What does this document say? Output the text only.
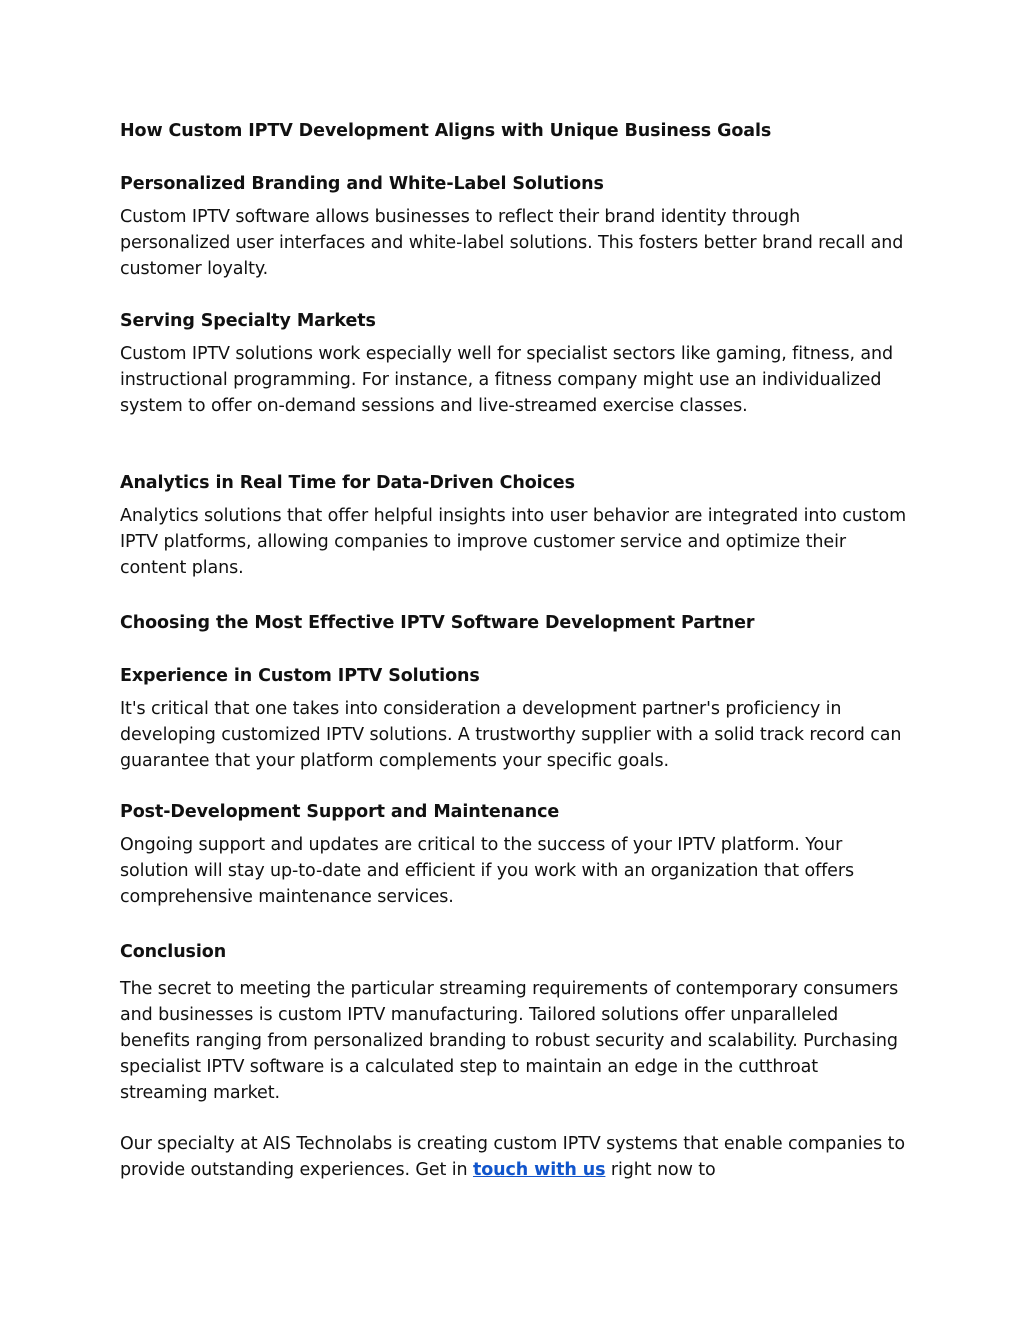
How Custom IPTV Development Aligns with Unique Business Goals
Personalized Branding and White-Label Solutions

Custom IPTV software allows businesses to reflect their brand identity through personalized user interfaces and white-label solutions. This fosters better brand recall and customer loyalty.

Serving Specialty Markets

Custom IPTV solutions work especially well for specialist sectors like gaming, fitness, and instructional programming. For instance, a fitness company might use an individualized system to offer on-demand sessions and live-streamed exercise classes.

Analytics in Real Time for Data-Driven Choices

Analytics solutions that offer helpful insights into user behavior are integrated into custom IPTV platforms, allowing companies to improve customer service and optimize their content plans.

Choosing the Most Effective IPTV Software Development Partner
Experience in Custom IPTV Solutions

It's critical that one takes into consideration a development partner's proficiency in developing customized IPTV solutions. A trustworthy supplier with a solid track record can guarantee that your platform complements your specific goals.

Post-Development Support and Maintenance

Ongoing support and updates are critical to the success of your IPTV platform. Your solution will stay up-to-date and efficient if you work with an organization that offers comprehensive maintenance services.

Conclusion

The secret to meeting the particular streaming requirements of contemporary consumers and businesses is custom IPTV manufacturing. Tailored solutions offer unparalleled benefits ranging from personalized branding to robust security and scalability. Purchasing specialist IPTV software is a calculated step to maintain an edge in the cutthroat streaming market.

Our specialty at AIS Technolabs is creating custom IPTV systems that enable companies to provide outstanding experiences. Get in touch with us right now to
